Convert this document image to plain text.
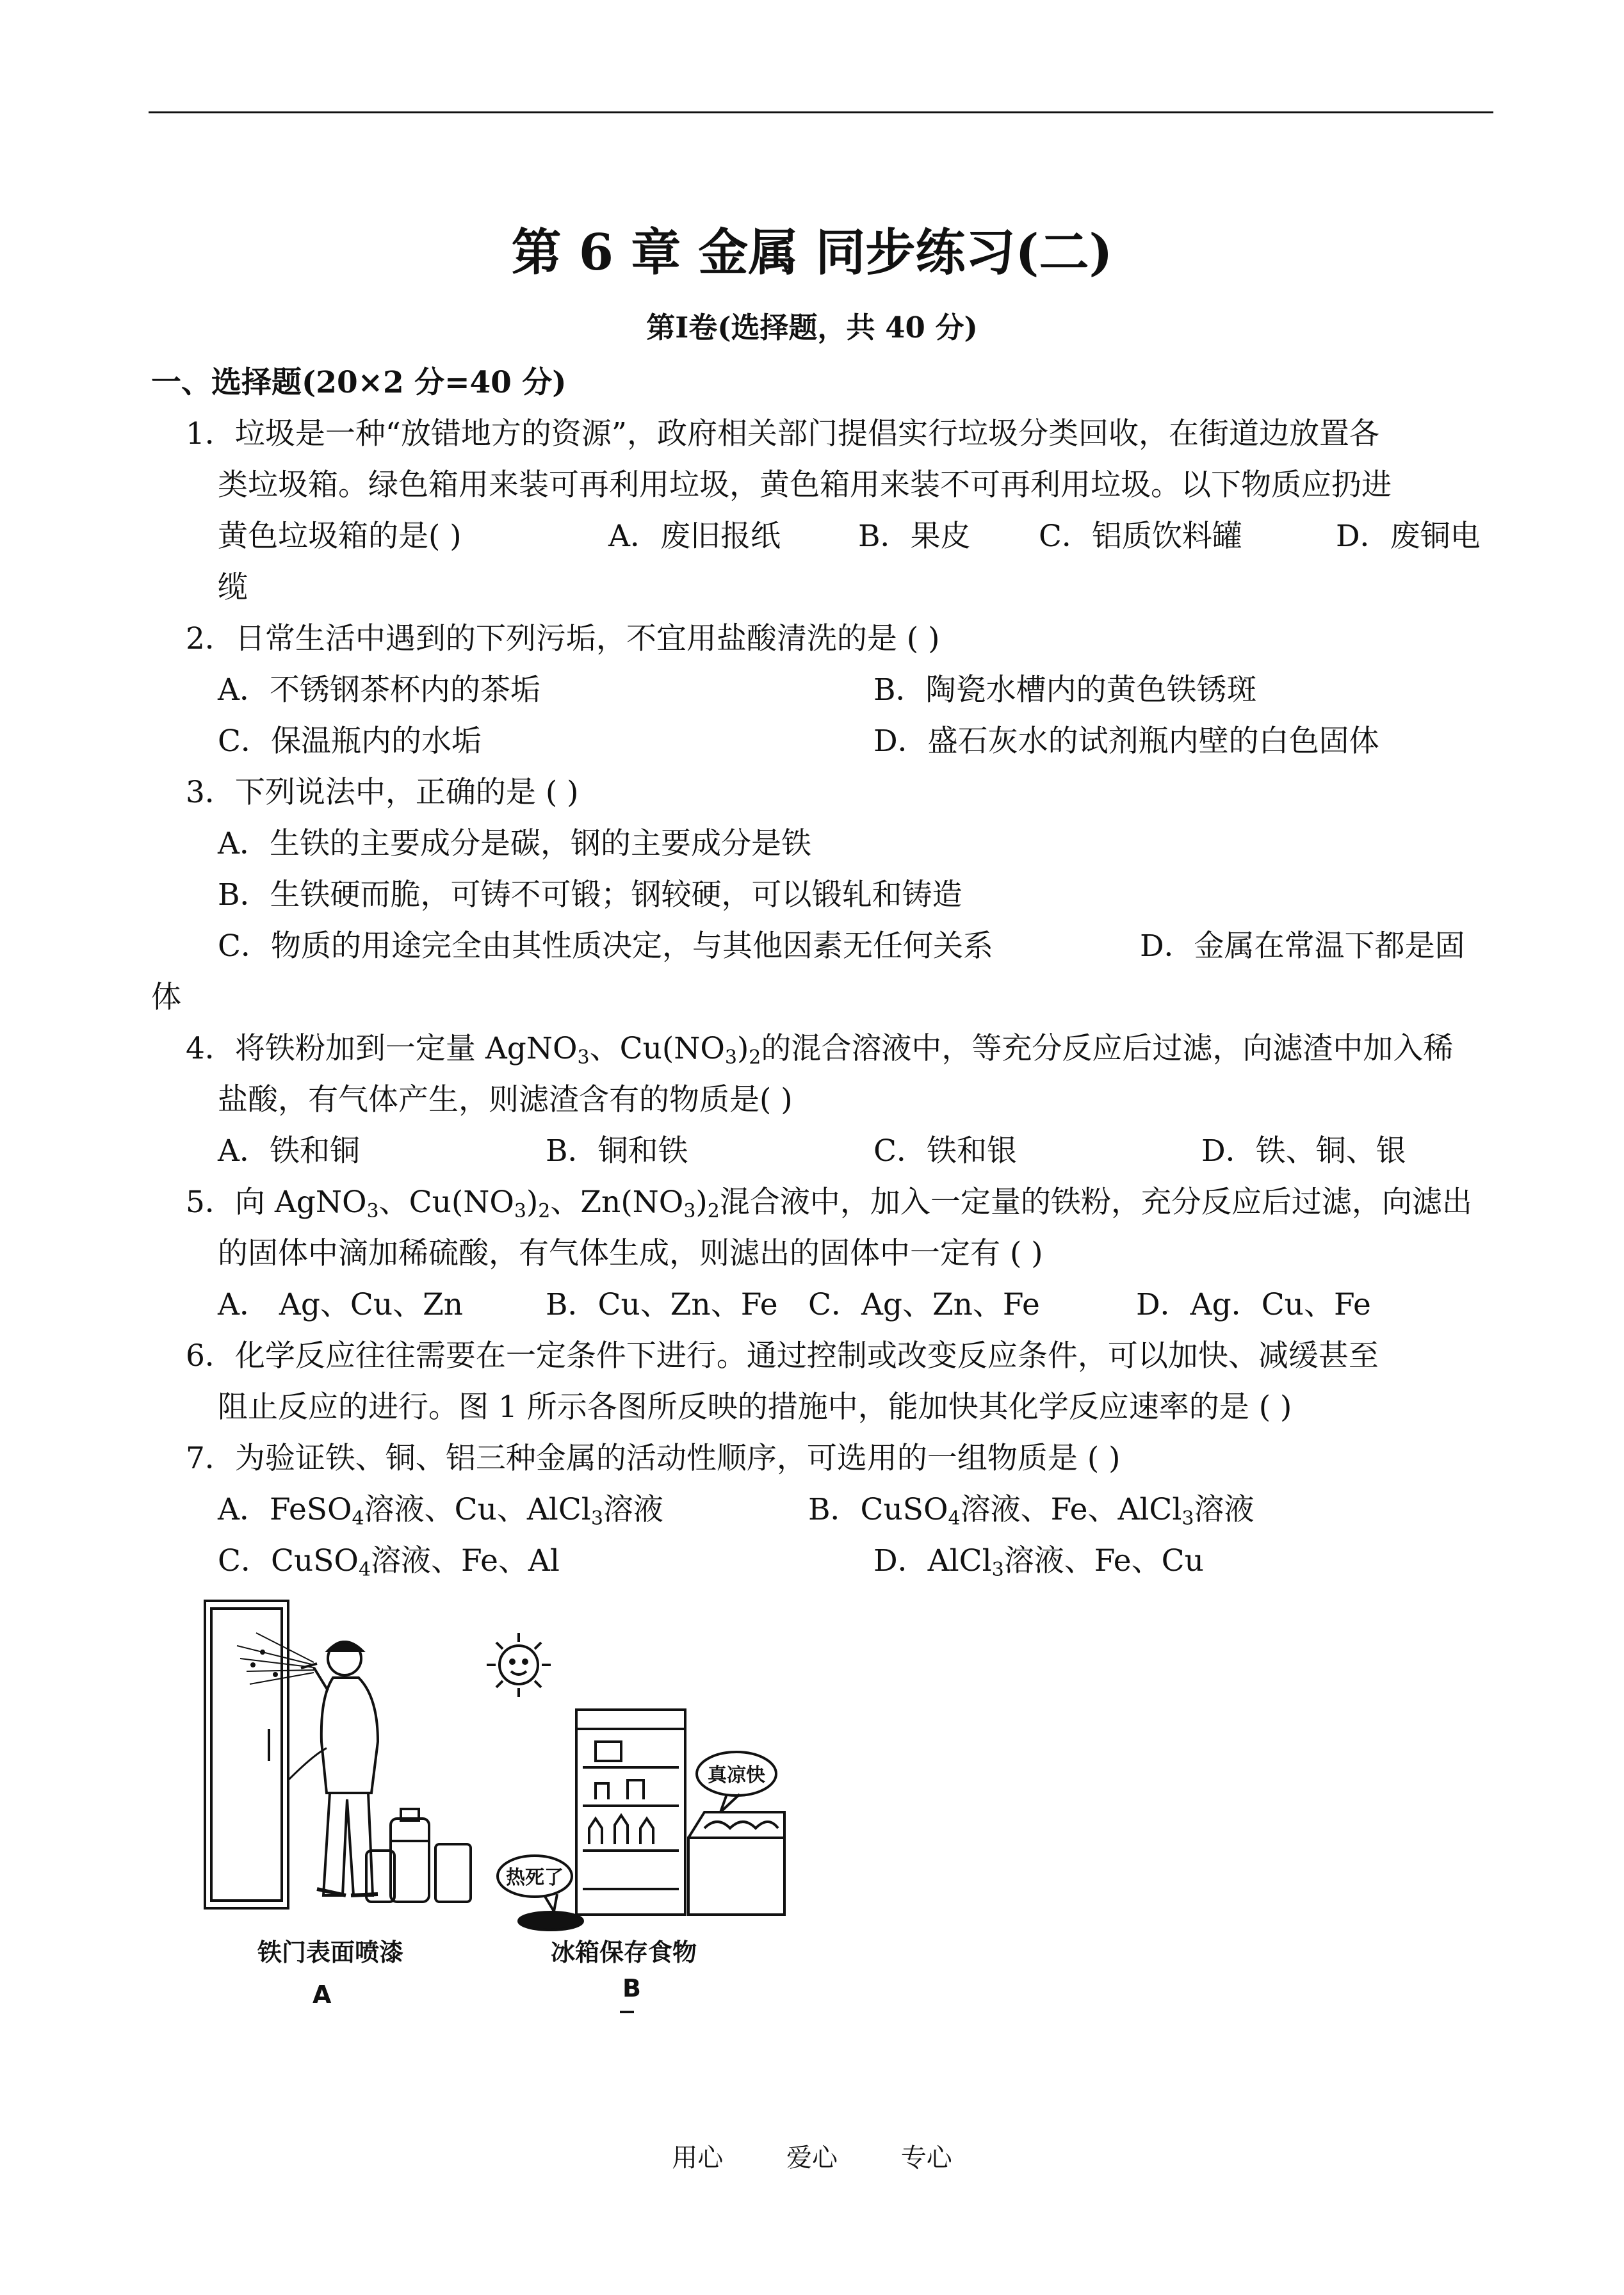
第 6 章 金属 同步练习(二)
第Ⅰ卷(选择题，共 40 分)
一、选择题(20×2 分=40 分)
1．垃圾是一种“放错地方的资源”，政府相关部门提倡实行垃圾分类回收，在街道边放置各
类垃圾箱。绿色箱用来装可再利用垃圾，黄色箱用来装不可再利用垃圾。以下物质应扔进
黄色垃圾箱的是( )	A．废旧报纸	B．果皮 C．铝质饮料罐	D．废铜电
缆
2．日常生活中遇到的下列污垢，不宜用盐酸清洗的是 ( )
A．不锈钢茶杯内的茶垢	B．陶瓷水槽内的黄色铁锈斑
C．保温瓶内的水垢	D．盛石灰水的试剂瓶内壁的白色固体
3．下列说法中，正确的是 ( )
A．生铁的主要成分是碳，钢的主要成分是铁
B．生铁硬而脆，可铸不可锻；钢较硬，可以锻轧和铸造
C．物质的用途完全由其性质决定，与其他因素无任何关系	D．金属在常温下都是固
体
4．将铁粉加到一定量 AgNO$_3$、$Cu(NO_3)_2$的混合溶液中，等充分反应后过滤，向滤渣中加入稀
盐酸，有气体产生，则滤渣含有的物质是( )
A．铁和铜	B．铜和铁	C．铁和银	D．铁、铜、银
5．向 AgNO$_3$、$Cu(NO_3)_2$、$Zn(NO_3)_2$混合液中，加入一定量的铁粉，充分反应后过滤，向滤出
的固体中滴加稀硫酸，有气体生成，则滤出的固体中一定有 ( )
A． Ag、Cu、Zn	B．Cu、Zn、Fe C．Ag、Zn、Fe	D．Ag．Cu、Fe
6．化学反应往往需要在一定条件下进行。通过控制或改变反应条件，可以加快、减缓甚至
阻止反应的进行。图 1 所示各图所反映的措施中，能加快其化学反应速率的是 ( )
7．为验证铁、铜、铝三种金属的活动性顺序，可选用的一组物质是 ( )
A．FeSO$_4$溶液、Cu、AlCl$_3$溶液	B．CuSO$_4$溶液、Fe、AlCl$_3$溶液
C．CuSO$_4$溶液、Fe、Al	D．AlCl$_3$溶液、Fe、Cu
真凉快
热死了
铁门表面喷漆
A
冰箱保存食物
B
用心 爱心 专心
